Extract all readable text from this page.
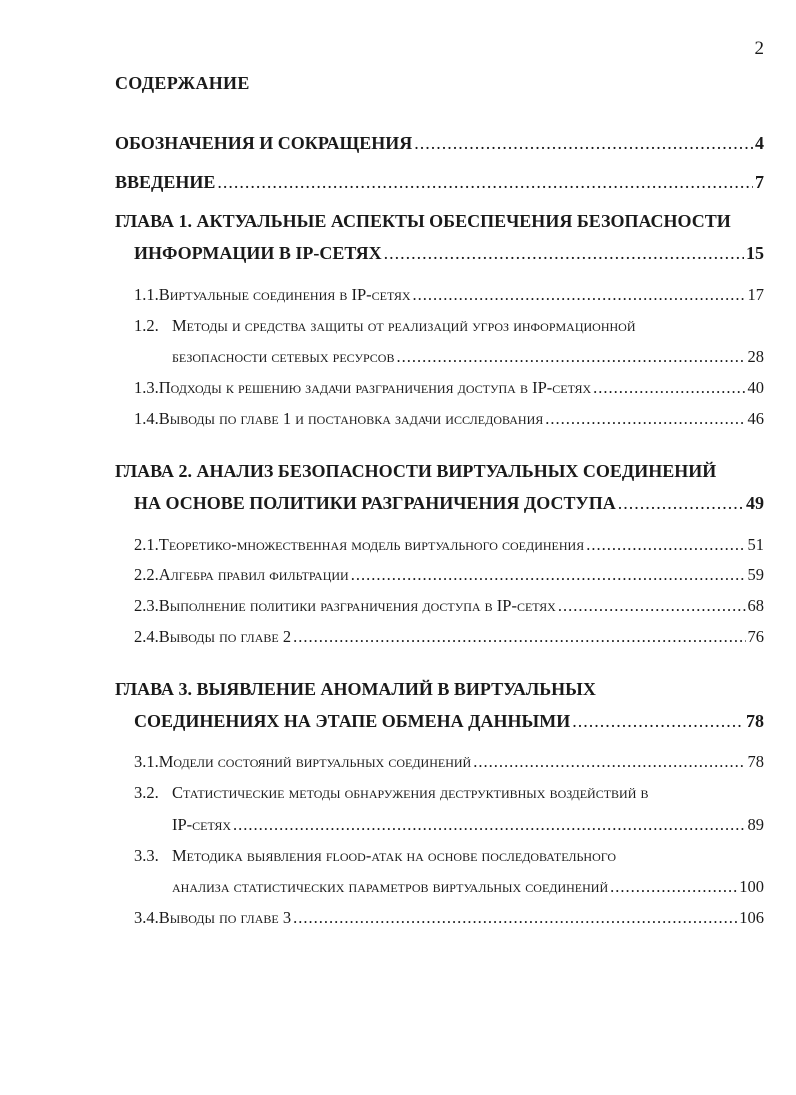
2
СОДЕРЖАНИЕ
ОБОЗНАЧЕНИЯ И СОКРАЩЕНИЯ .....	4
ВВЕДЕНИЕ .....	7
ГЛАВА 1. АКТУАЛЬНЫЕ АСПЕКТЫ ОБЕСПЕЧЕНИЯ БЕЗОПАСНОСТИ
ИНФОРМАЦИИ В IP-СЕТЯХ .....	15
1.1. Виртуальные соединения в IP-сетях .....	17
1.2. Методы и средства защиты от реализаций угроз информационной
безопасности сетевых ресурсов .....	28
1.3. Подходы к решению задачи разграничения доступа в IP-сетях .....	40
1.4. Выводы по главе 1 и постановка задачи исследования .....	46
ГЛАВА 2. АНАЛИЗ БЕЗОПАСНОСТИ ВИРТУАЛЬНЫХ СОЕДИНЕНИЙ
НА ОСНОВЕ ПОЛИТИКИ РАЗГРАНИЧЕНИЯ ДОСТУПА .....	49
2.1. Теоретико-множественная модель виртуального соединения .....	51
2.2. Алгебра правил фильтрации .....	59
2.3. Выполнение политики разграничения доступа в IP-сетях .....	68
2.4. Выводы по главе 2 .....	76
ГЛАВА 3. ВЫЯВЛЕНИЕ АНОМАЛИЙ В ВИРТУАЛЬНЫХ
СОЕДИНЕНИЯХ НА ЭТАПЕ ОБМЕНА ДАННЫМИ .....	78
3.1. Модели состояний виртуальных соединений .....	78
3.2. Статистические методы обнаружения деструктивных воздействий в
IP-сетях .....	89
3.3. Методика выявления flood-атак на основе последовательного
анализа статистических параметров виртуальных соединений .....	100
3.4. Выводы по главе 3 .....	106
